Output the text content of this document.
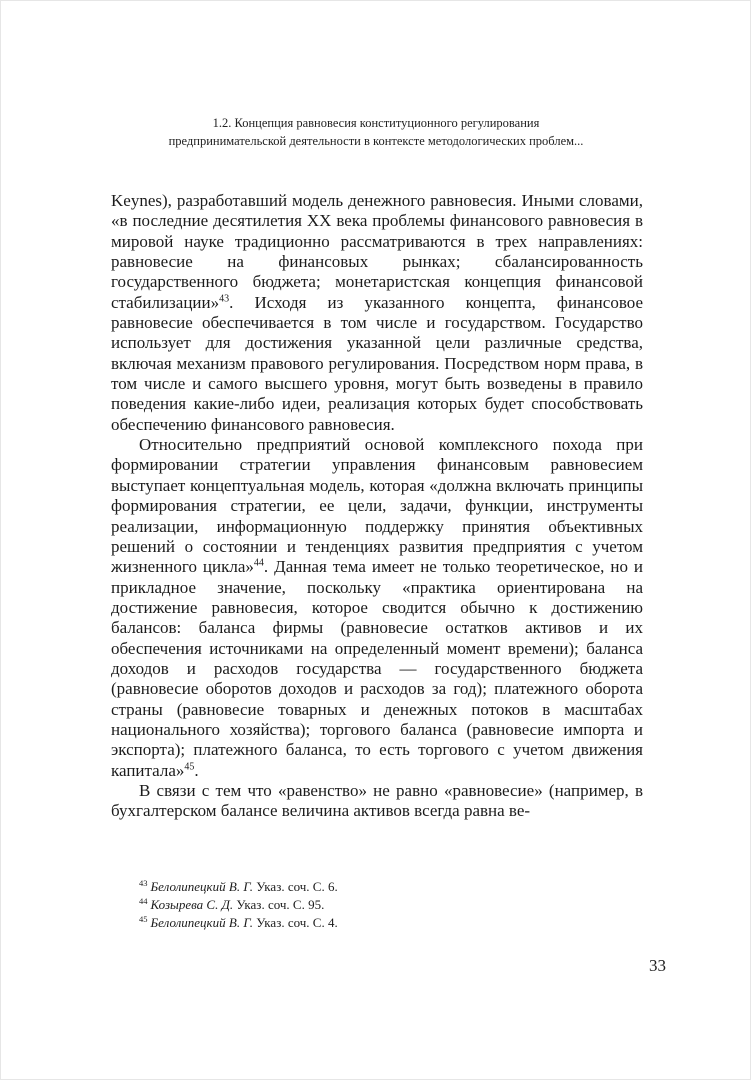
1.2. Концепция равновесия конституционного регулирования
предпринимательской деятельности в контексте методологических проблем...

Keynes), разработавший модель денежного равновесия. Иными словами, «в последние десятилетия XX века проблемы финансового равновесия в мировой науке традиционно рассматриваются в трех направлениях: равновесие на финансовых рынках; сбалансированность государственного бюджета; монетаристская концепция финансовой стабилизации»$^{43}$. Исходя из указанного концепта, финансовое равновесие обеспечивается в том числе и государством. Государство использует для достижения указанной цели различные средства, включая механизм правового регулирования. Посредством норм права, в том числе и самого высшего уровня, могут быть возведены в правило поведения какие-либо идеи, реализация которых будет способствовать обеспечению финансового равновесия.

Относительно предприятий основой комплексного похода при формировании стратегии управления финансовым равновесием выступает концептуальная модель, которая «должна включать принципы формирования стратегии, ее цели, задачи, функции, инструменты реализации, информационную поддержку принятия объективных решений о состоянии и тенденциях развития предприятия с учетом жизненного цикла»$^{44}$. Данная тема имеет не только теоретическое, но и прикладное значение, поскольку «практика ориентирована на достижение равновесия, которое сводится обычно к достижению балансов: баланса фирмы (равновесие остатков активов и их обеспечения источниками на определенный момент времени); баланса доходов и расходов государства — государственного бюджета (равновесие оборотов доходов и расходов за год); платежного оборота страны (равновесие товарных и денежных потоков в масштабах национального хозяйства); торгового баланса (равновесие импорта и экспорта); платежного баланса, то есть торгового с учетом движения капитала»$^{45}$.

В связи с тем что «равенство» не равно «равновесие» (например, в бухгалтерском балансе величина активов всегда равна ве-

$^{43}$ Белолипецкий В. Г. Указ. соч. С. 6.
$^{44}$ Козырева С. Д. Указ. соч. С. 95.
$^{45}$ Белолипецкий В. Г. Указ. соч. С. 4.
33
